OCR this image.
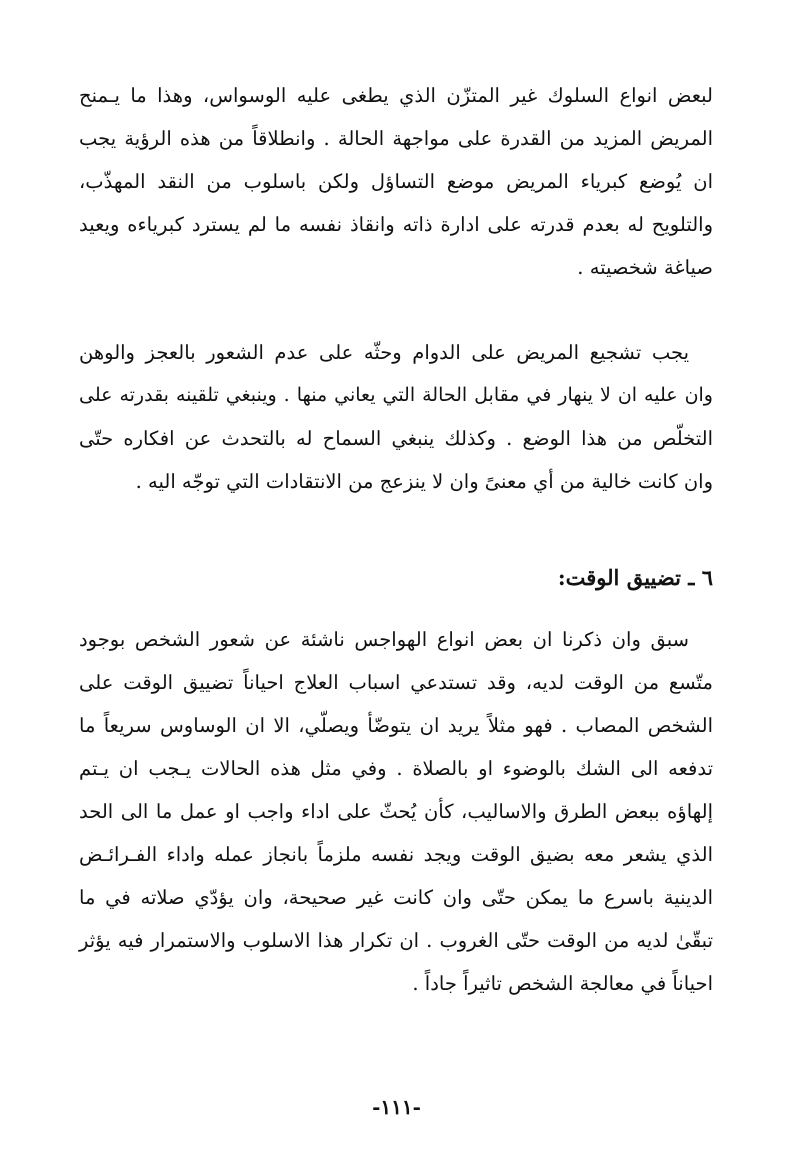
لبعض انواع السلوك غير المتزّن الذي يطغى عليه الوسواس، وهذا ما يـمنح
المريض المزيد من القدرة على مواجهة الحالة . وانطلاقاً من هذه الرؤية يجب
ان يُوضع كبرياء المريض موضع التساؤل ولكن باسلوب من النقد المهذّب،
والتلويح له بعدم قدرته على ادارة ذاته وانقاذ نفسه ما لم يسترد كبرياءه ويعيد
صياغة شخصيته .
يجب تشجيع المريض على الدوام وحثّه على عدم الشعور بالعجز والوهن
وان عليه ان لا ينهار في مقابل الحالة التي يعاني منها . وينبغي تلقينه بقدرته على
التخلّص من هذا الوضع . وكذلك ينبغي السماح له بالتحدث عن افكاره حتّى
وان كانت خالية من أي معنىً وان لا ينزعج من الانتقادات التي توجّه اليه .
٦ ـ تضييق الوقت:
سبق وان ذكرنا ان بعض انواع الهواجس ناشئة عن شعور الشخص بوجود
متّسع من الوقت لديه، وقد تستدعي اسباب العلاج احياناً تضييق الوقت على
الشخص المصاب . فهو مثلاً يريد ان يتوضّأ ويصلّي، الا ان الوساوس سريعاً ما
تدفعه الى الشك بالوضوء او بالصلاة . وفي مثل هذه الحالات يـجب ان يـتم
إلهاؤه ببعض الطرق والاساليب، كأن يُحثّ على اداء واجب او عمل ما الى الحد
الذي يشعر معه بضيق الوقت ويجد نفسه ملزماً بانجاز عمله واداء الفـرائـض
الدينية باسرع ما يمكن حتّى وان كانت غير صحيحة، وان يؤدّي صلاته في ما
تبقّىٰ لديه من الوقت حتّى الغروب . ان تكرار هذا الاسلوب والاستمرار فيه يؤثر
احياناً في معالجة الشخص تاثيراً جاداً .
-١١١-
